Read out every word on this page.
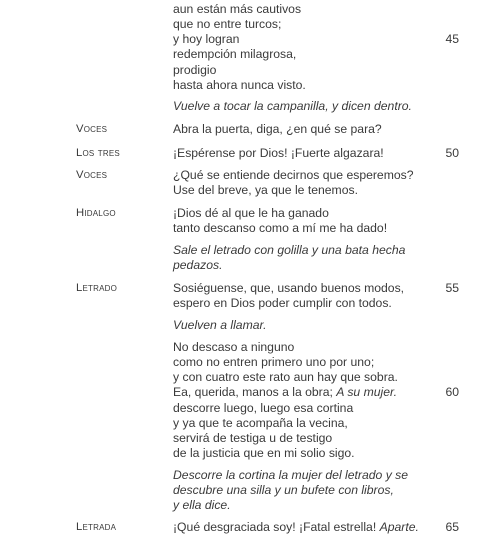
aun están más cautivos
que no entre turcos;
y hoy logran
redempción milagrosa,
prodigio
hasta ahora nunca visto.
Vuelve a tocar la campanilla, y dicen dentro.
Abra la puerta, diga, ¿en qué se para?
¡Espérense por Dios! ¡Fuerte algazara!
¿Qué se entiende decirnos que esperemos?
Use del breve, ya que le tenemos.
¡Dios dé al que le ha ganado
tanto descanso como a mí me ha dado!
Sale el letrado con golilla y una bata hecha
pedazos.
Sosiéguense, que, usando buenos modos,
espero en Dios poder cumplir con todos.
Vuelven a llamar.
No descaso a ninguno
como no entren primero uno por uno;
y con cuatro este rato aun hay que sobra.
Ea, querida, manos a la obra; A su mujer.
descorre luego, luego esa cortina
y ya que te acompaña la vecina,
servirá de testiga u de testigo
de la justicia que en mi solio sigo.
Descorre la cortina la mujer del letrado y se
descubre una silla y un bufete con libros,
y ella dice.
¡Qué desgraciada soy! ¡Fatal estrella! Aparte.
Voces
Los tres
Voces
Hidalgo
Letrado
Letrada
45
50
55
60
65
